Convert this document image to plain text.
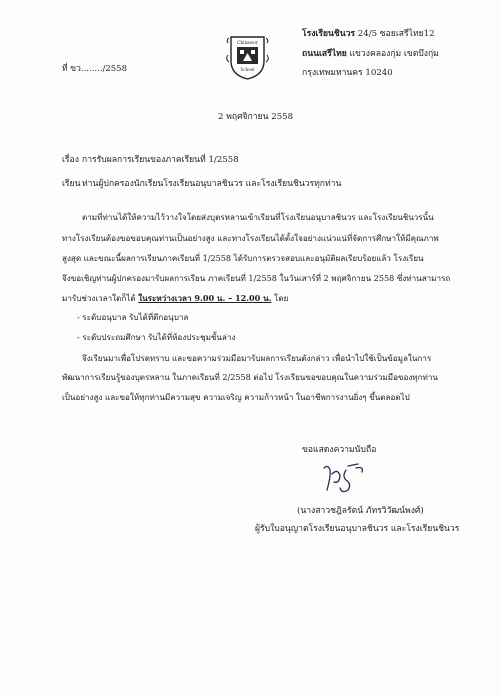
ที่ ขว......../2558
Chinawor
School
โรงเรียนชินวร 24/5 ซอยเสรีไทย12
ถนนเสรีไทย แขวงคลองกุ่ม เขตบึงกุ่ม
กรุงเทพมหานคร 10240
2 พฤศจิกายน 2558
เรื่อง การรับผลการเรียนของภาคเรียนที่ 1/2558
เรียน ท่านผู้ปกครองนักเรียนโรงเรียนอนุบาลชินวร และโรงเรียนชินวรทุกท่าน
ตามที่ท่านได้ให้ความไว้วางใจโดยส่งบุตรหลานเข้าเรียนที่โรงเรียนอนุบาลชินวร และโรงเรียนชินวรนั้น
ทางโรงเรียนต้องขอขอบคุณท่านเป็นอย่างสูง และทางโรงเรียนได้ตั้งใจอย่างแน่วแน่ที่จัดการศึกษาให้มีคุณภาพ
สูงสุด และขณะนี้ผลการเรียนภาคเรียนที่ 1/2558 ได้รับการตรวจสอบและอนุมัติผลเรียบร้อยแล้ว โรงเรียน
จึงขอเชิญท่านผู้ปกครองมารับผลการเรียน ภาคเรียนที่ 1/2558 ในวันเสาร์ที่ 2 พฤศจิกายน 2558 ซึ่งท่านสามารถ
มารับช่วงเวลาใดก็ได้ ในระหว่างเวลา 9.00 น. – 12.00 น. โดย
- ระดับอนุบาล รับได้ที่ตึกอนุบาล
- ระดับประถมศึกษา รับได้ที่ห้องประชุมชั้นล่าง
จึงเรียนมาเพื่อโปรดทราบ และขอความร่วมมือมารับผลการเรียนดังกล่าว เพื่อนำไปใช้เป็นข้อมูลในการ
พัฒนาการเรียนรู้ของบุตรหลาน ในภาคเรียนที่ 2/2558 ต่อไป โรงเรียนขอขอบคุณในความร่วมมือของทุกท่าน
เป็นอย่างสูง และขอให้ทุกท่านมีความสุข ความเจริญ ความก้าวหน้า ในอาชีพการงานยิ่งๆ ขึ้นตลอดไป
ขอแสดงความนับถือ
(นางสาวชฎิลรัตน์ ภัทรวิวัฒน์พงศ์)
ผู้รับใบอนุญาตโรงเรียนอนุบาลชินวร และโรงเรียนชินวร
